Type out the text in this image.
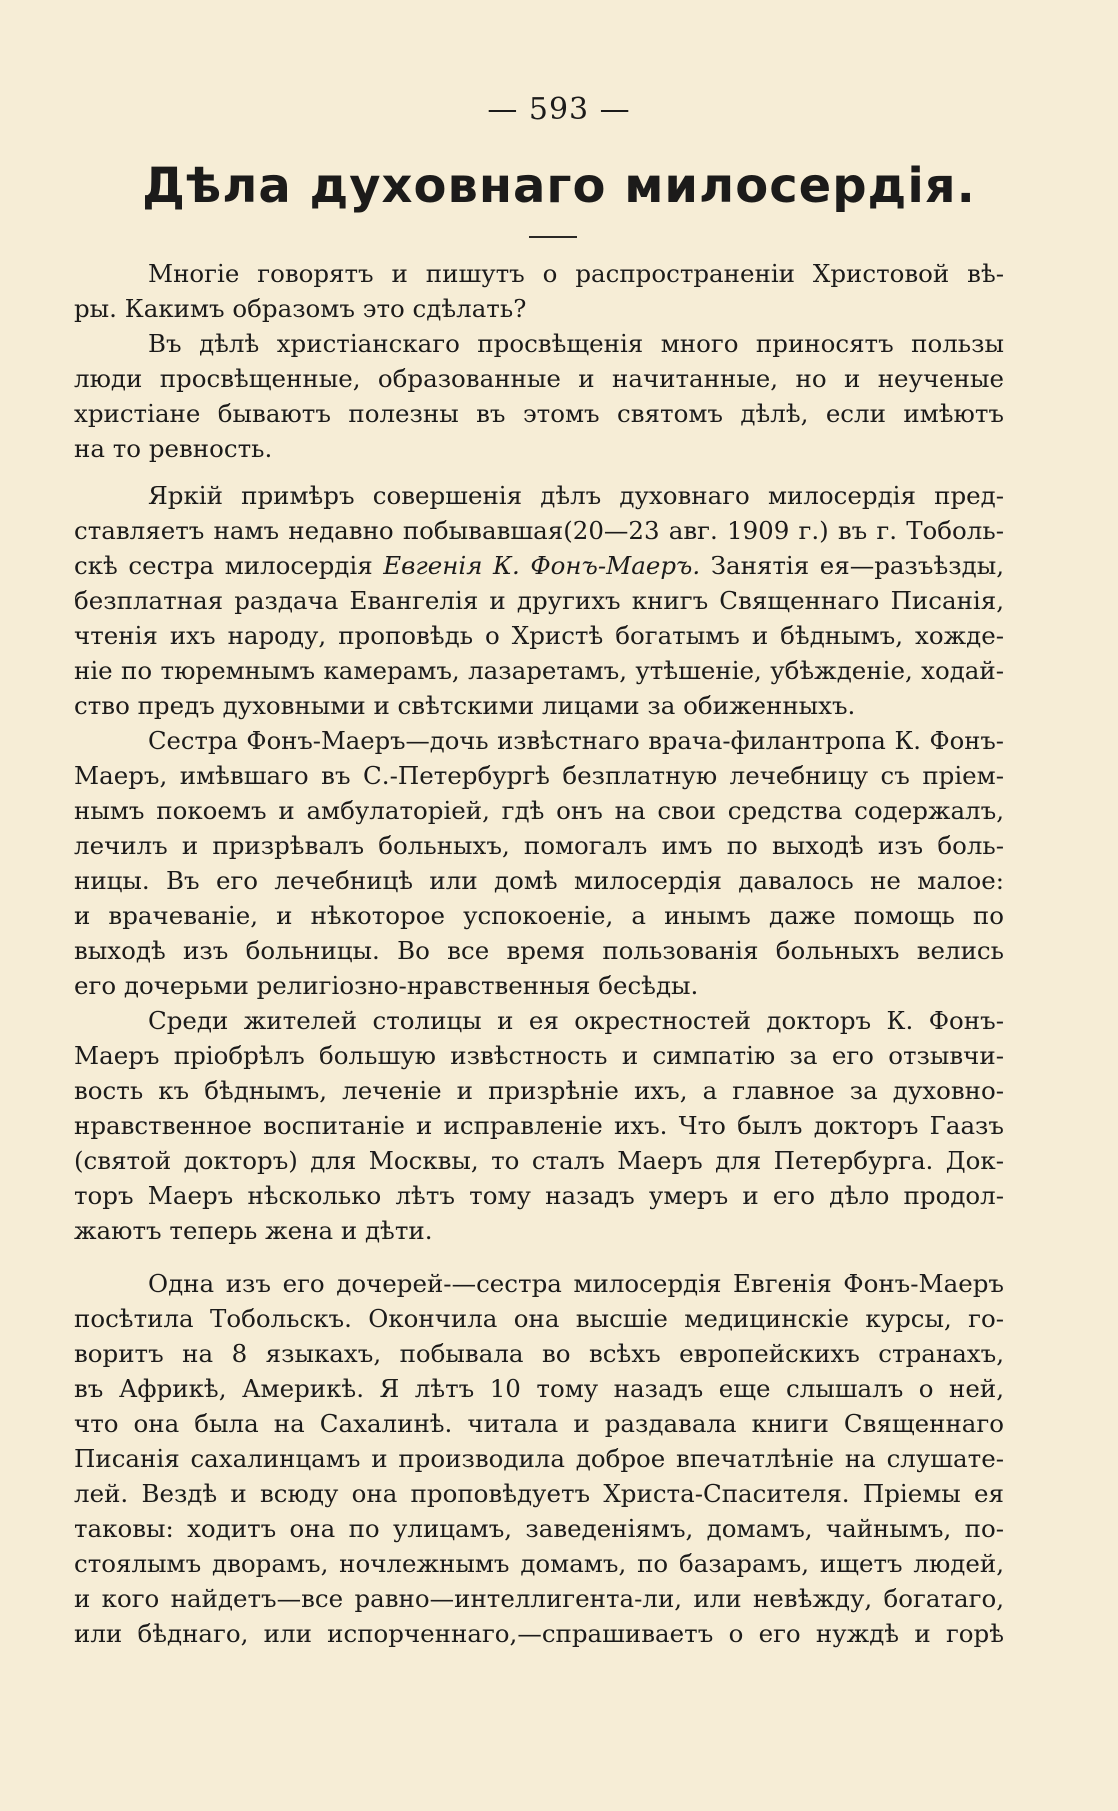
— 593 —
Дѣла духовнаго милосердія.
Многіе говорятъ и пишутъ о распространеніи Христовой вѣ-
ры. Какимъ образомъ это сдѣлать?
Въ дѣлѣ христіанскаго просвѣщенія много приносятъ пользы
люди просвѣщенные, образованные и начитанные, но и неученые
христіане бываютъ полезны въ этомъ святомъ дѣлѣ, если имѣютъ
на то ревность.
Яркій примѣръ совершенія дѣлъ духовнаго милосердія пред-
ставляетъ намъ недавно побывавшая(20—23 авг. 1909 г.) въ г. Тоболь-
скѣ сестра милосердія Евгенія К. Фонъ-Маеръ. Занятія ея—разъѣзды,
безплатная раздача Евангелія и другихъ книгъ Священнаго Писанія,
чтенія ихъ народу, проповѣдь о Христѣ богатымъ и бѣднымъ, хожде-
ніе по тюремнымъ камерамъ, лазаретамъ, утѣшеніе, убѣжденіе, ходай-
ство предъ духовными и свѣтскими лицами за обиженныхъ.
Сестра Фонъ-Маеръ—дочь извѣстнаго врача-филантропа К. Фонъ-
Маеръ, имѣвшаго въ С.-Петербургѣ безплатную лечебницу съ пріем-
нымъ покоемъ и амбулаторіей, гдѣ онъ на свои средства содержалъ,
лечилъ и призрѣвалъ больныхъ, помогалъ имъ по выходѣ изъ боль-
ницы. Въ его лечебницѣ или домѣ милосердія давалось не малое:
и врачеваніе, и нѣкоторое успокоеніе, а инымъ даже помощь по
выходѣ изъ больницы. Во все время пользованія больныхъ велись
его дочерьми религіозно-нравственныя бесѣды.
Среди жителей столицы и ея окрестностей докторъ К. Фонъ-
Маеръ пріобрѣлъ большую извѣстность и симпатію за его отзывчи-
вость къ бѣднымъ, леченіе и призрѣніе ихъ, а главное за духовно-
нравственное воспитаніе и исправленіе ихъ. Что былъ докторъ Гаазъ
(святой докторъ) для Москвы, то сталъ Маеръ для Петербурга. Док-
торъ Маеръ нѣсколько лѣтъ тому назадъ умеръ и его дѣло продол-
жаютъ теперь жена и дѣти.
Одна изъ его дочерей-—сестра милосердія Евгенія Фонъ-Маеръ
посѣтила Тобольскъ. Окончила она высшіе медицинскіе курсы, го-
воритъ на 8 языкахъ, побывала во всѣхъ европейскихъ странахъ,
въ Африкѣ, Америкѣ. Я лѣтъ 10 тому назадъ еще слышалъ о ней,
что она была на Сахалинѣ. читала и раздавала книги Священнаго
Писанія сахалинцамъ и производила доброе впечатлѣніе на слушате-
лей. Вездѣ и всюду она проповѣдуетъ Христа-Спасителя. Пріемы ея
таковы: ходитъ она по улицамъ, заведеніямъ, домамъ, чайнымъ, по-
стоялымъ дворамъ, ночлежнымъ домамъ, по базарамъ, ищетъ людей,
и кого найдетъ—все равно—интеллигента-ли, или невѣжду, богатаго,
или бѣднаго, или испорченнаго,—спрашиваетъ о его нуждѣ и горѣ
